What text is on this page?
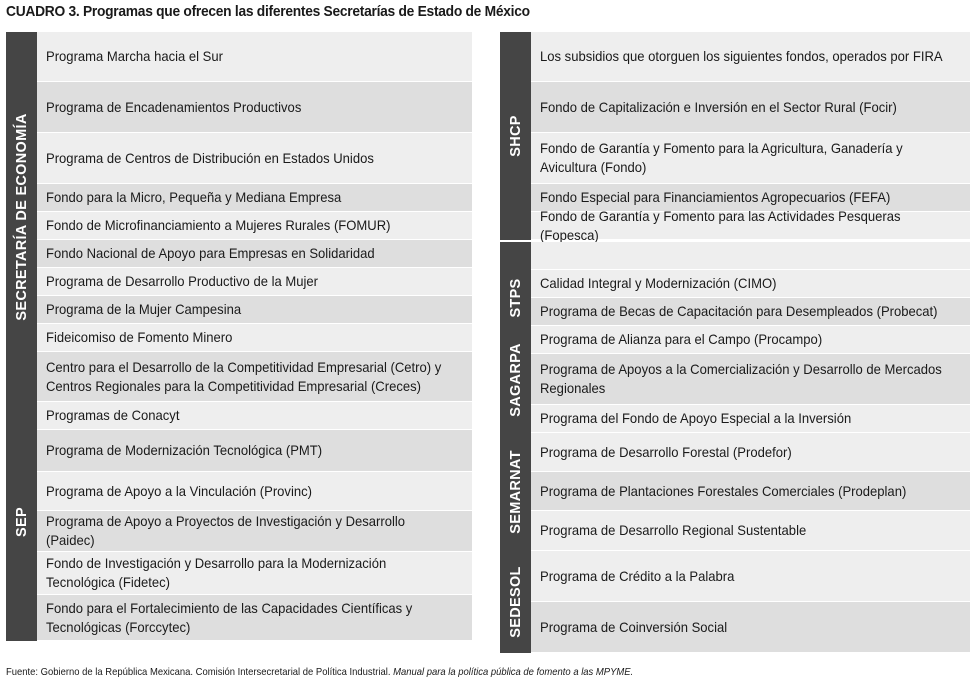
CUADRO 3. Programas que ofrecen las diferentes Secretarías de Estado de México
SECRETARÍA DE ECONOMÍA
Programa Marcha hacia el Sur
Programa de Encadenamientos Productivos
Programa de Centros de Distribución en Estados Unidos
Fondo para la Micro, Pequeña y Mediana Empresa
Fondo de Microfinanciamiento a Mujeres Rurales (FOMUR)
Fondo Nacional de Apoyo para Empresas en Solidaridad
Programa de Desarrollo Productivo de la Mujer
Programa de la Mujer Campesina
Fideicomiso de Fomento Minero
Centro para el Desarrollo de la Competitividad Empresarial (Cetro) y Centros Regionales para la Competitividad Empresarial (Creces)
SEP
Programas de Conacyt
Programa de Modernización Tecnológica (PMT)
Programa de Apoyo a la Vinculación (Provinc)
Programa de Apoyo a Proyectos de Investigación y Desarrollo (Paidec)
Fondo de Investigación y Desarrollo para la Modernización Tecnológica (Fidetec)
Fondo para el Fortalecimiento de las Capacidades Científicas y Tecnológicas (Forccytec)
SHCP
Los subsidios que otorguen los siguientes fondos, operados por FIRA
Fondo de Capitalización e Inversión en el Sector Rural (Focir)
Fondo de Garantía y Fomento para la Agricultura, Ganadería y Avicultura (Fondo)
Fondo Especial para Financiamientos Agropecuarios (FEFA)
Fondo de Garantía y Fomento para las Actividades Pesqueras (Fopesca)
STPS Calidad Integral y Modernización (CIMO)
Programa de Becas de Capacitación para Desempleados (Probecat)
SAGARPA
Programa de Alianza para el Campo (Procampo)
Programa de Apoyos a la Comercialización y Desarrollo de Mercados Regionales
Programa del Fondo de Apoyo Especial a la Inversión
SEMARNAT Programa de Desarrollo Forestal (Prodefor)
Programa de Plantaciones Forestales Comerciales (Prodeplan)
Programa de Desarrollo Regional Sustentable
SEDESOL Programa de Crédito a la Palabra
Programa de Coinversión Social
Fuente: Gobierno de la República Mexicana. Comisión Intersecretarial de Política Industrial. Manual para la política pública de fomento a las MPYME.
